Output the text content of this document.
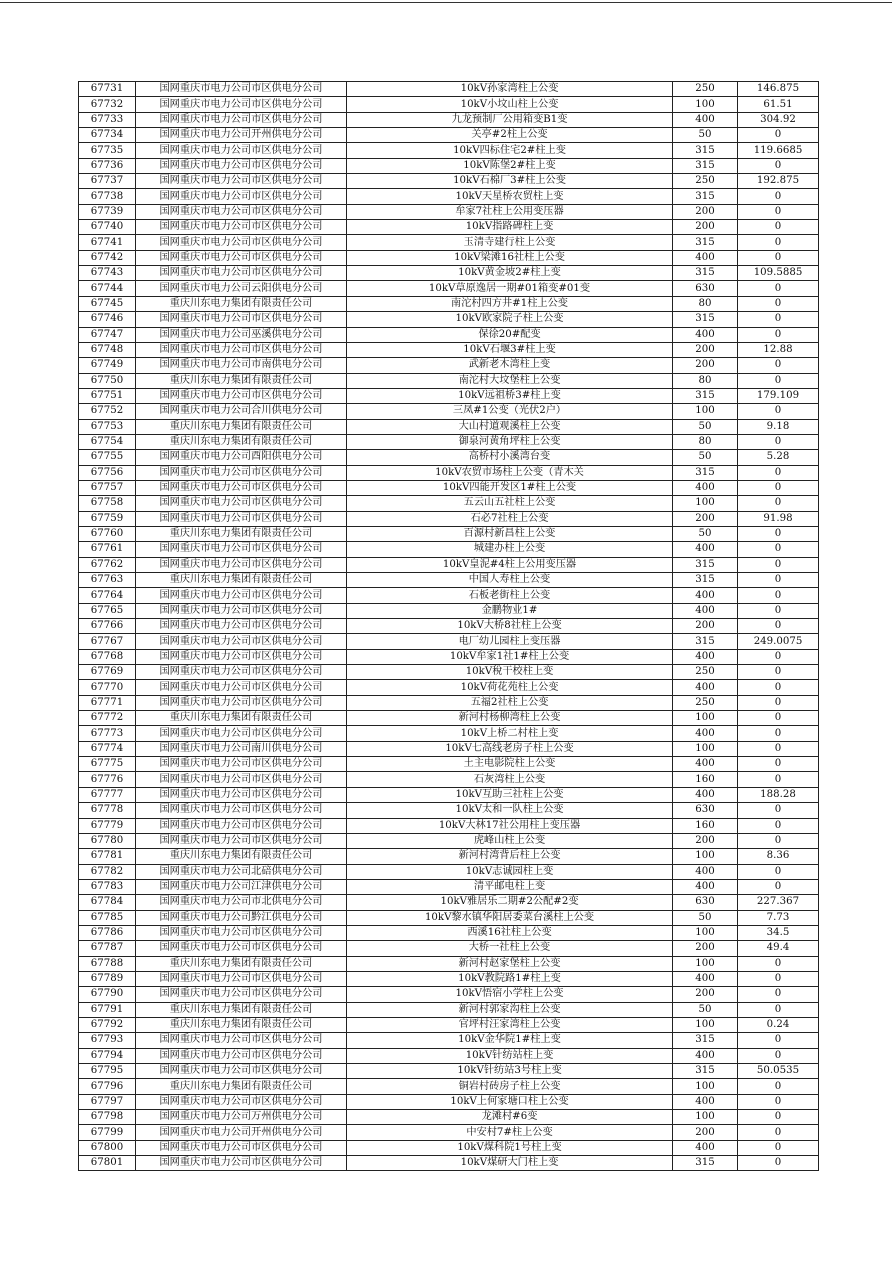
67731	国网重庆市电力公司市区供电分公司	10kV孙家湾柱上公变	250	146.875
67732	国网重庆市电力公司市区供电分公司	10kV小坟山柱上公变	100	61.51
67733	国网重庆市电力公司市区供电分公司	九龙预制厂公用箱变B1变	400	304.92
67734	国网重庆市电力公司开州供电分公司	关亭#2柱上公变	50	0
67735	国网重庆市电力公司市区供电分公司	10kV四标住宅2#柱上变	315	119.6685
67736	国网重庆市电力公司市区供电分公司	10kV陈堡2#柱上变	315	0
67737	国网重庆市电力公司市区供电分公司	10kV石棉厂3#柱上公变	250	192.875
67738	国网重庆市电力公司市区供电分公司	10kV天星桥农贸柱上变	315	0
67739	国网重庆市电力公司市区供电分公司	牟家7社柱上公用变压器	200	0
67740	国网重庆市电力公司市区供电分公司	10kV指路碑柱上变	200	0
67741	国网重庆市电力公司市区供电分公司	玉清寺建行柱上公变	315	0
67742	国网重庆市电力公司市区供电分公司	10kV梁滩16社柱上公变	400	0
67743	国网重庆市电力公司市区供电分公司	10kV黄金坡2#柱上变	315	109.5885
67744	国网重庆市电力公司云阳供电分公司	10kV草原逸居一期#01箱变#01变	630	0
67745	重庆川东电力集团有限责任公司	南沱村四方井#1柱上公变	80	0
67746	国网重庆市电力公司市区供电分公司	10kV欧家院子柱上公变	315	0
67747	国网重庆市电力公司巫溪供电分公司	保徐20#配变	400	0
67748	国网重庆市电力公司市区供电分公司	10kV石堰3#柱上变	200	12.88
67749	国网重庆市电力公司市南供电分公司	武新老木湾柱上变	200	0
67750	重庆川东电力集团有限责任公司	南沱村大坟堡柱上公变	80	0
67751	国网重庆市电力公司市区供电分公司	10kV远祖桥3#柱上变	315	179.109
67752	国网重庆市电力公司合川供电分公司	三凤#1公变（光伏2户）	100	0
67753	重庆川东电力集团有限责任公司	大山村道观溪柱上公变	50	9.18
67754	重庆川东电力集团有限责任公司	御泉河黄角坪柱上公变	80	0
67755	国网重庆市电力公司酉阳供电分公司	高桥村小溪湾台变	50	5.28
67756	国网重庆市电力公司市区供电分公司	10kV农贸市场柱上公变（青木关	315	0
67757	国网重庆市电力公司市区供电分公司	10kV四能开发区1#柱上公变	400	0
67758	国网重庆市电力公司市区供电分公司	五云山五社柱上公变	100	0
67759	国网重庆市电力公司市区供电分公司	石必7社柱上公变	200	91.98
67760	重庆川东电力集团有限责任公司	百源村新昌柱上公变	50	0
67761	国网重庆市电力公司市区供电分公司	城建办柱上公变	400	0
67762	国网重庆市电力公司市区供电分公司	10kV皇泥#4柱上公用变压器	315	0
67763	重庆川东电力集团有限责任公司	中国人寿柱上公变	315	0
67764	国网重庆市电力公司市区供电分公司	石板老街柱上公变	400	0
67765	国网重庆市电力公司市区供电分公司	金鹏物业1#	400	0
67766	国网重庆市电力公司市区供电分公司	10kV大桥8社柱上公变	200	0
67767	国网重庆市电力公司市区供电分公司	电厂幼儿园柱上变压器	315	249.0075
67768	国网重庆市电力公司市区供电分公司	10kV牟家1社1#柱上公变	400	0
67769	国网重庆市电力公司市区供电分公司	10kV稅干校柱上变	250	0
67770	国网重庆市电力公司市区供电分公司	10kV荷花苑柱上公变	400	0
67771	国网重庆市电力公司市区供电分公司	五福2社柱上公变	250	0
67772	重庆川东电力集团有限责任公司	新河村杨柳湾柱上公变	100	0
67773	国网重庆市电力公司市区供电分公司	10kV上桥二村柱上变	400	0
67774	国网重庆市电力公司南川供电分公司	10kV七高线老房子柱上公变	100	0
67775	国网重庆市电力公司市区供电分公司	土主电影院柱上公变	400	0
67776	国网重庆市电力公司市区供电分公司	石灰湾柱上公变	160	0
67777	国网重庆市电力公司市区供电分公司	10kV互助三社柱上公变	400	188.28
67778	国网重庆市电力公司市区供电分公司	10kV太和一队柱上公变	630	0
67779	国网重庆市电力公司市区供电分公司	10kV大林17社公用柱上变压器	160	0
67780	国网重庆市电力公司市区供电分公司	虎峰山柱上公变	200	0
67781	重庆川东电力集团有限责任公司	新河村湾背后柱上公变	100	8.36
67782	国网重庆市电力公司北碚供电分公司	10kV志诚园柱上变	400	0
67783	国网重庆市电力公司江津供电分公司	清平邮电柱上变	400	0
67784	国网重庆市电力公司市北供电分公司	10kV雅居乐二期#2公配#2变	630	227.367
67785	国网重庆市电力公司黔江供电分公司	10kV黎水镇华阳居委菜台溪柱上公变	50	7.73
67786	国网重庆市电力公司市区供电分公司	西溪16社柱上公变	100	34.5
67787	国网重庆市电力公司市区供电分公司	大桥一社柱上公变	200	49.4
67788	重庆川东电力集团有限责任公司	新河村赵家堡柱上公变	100	0
67789	国网重庆市电力公司市区供电分公司	10kV教院路1#柱上变	400	0
67790	国网重庆市电力公司市区供电分公司	10kV悟宿小学柱上公变	200	0
67791	重庆川东电力集团有限责任公司	新河村郭家沟柱上公变	50	0
67792	重庆川东电力集团有限责任公司	官坪村汪家湾柱上公变	100	0.24
67793	国网重庆市电力公司市区供电分公司	10kV金华院1#柱上变	315	0
67794	国网重庆市电力公司市区供电分公司	10kV针纺站柱上变	400	0
67795	国网重庆市电力公司市区供电分公司	10kV针纺站3号柱上变	315	50.0535
67796	重庆川东电力集团有限责任公司	铜岩村砖房子柱上公变	100	0
67797	国网重庆市电力公司市区供电分公司	10kV上何家塘口柱上公变	400	0
67798	国网重庆市电力公司万州供电分公司	龙滩村#6变	100	0
67799	国网重庆市电力公司开州供电分公司	中安村7#柱上公变	200	0
67800	国网重庆市电力公司市区供电分公司	10kV煤科院1号柱上变	400	0
67801	国网重庆市电力公司市区供电分公司	10kV煤研大门柱上变	315	0
